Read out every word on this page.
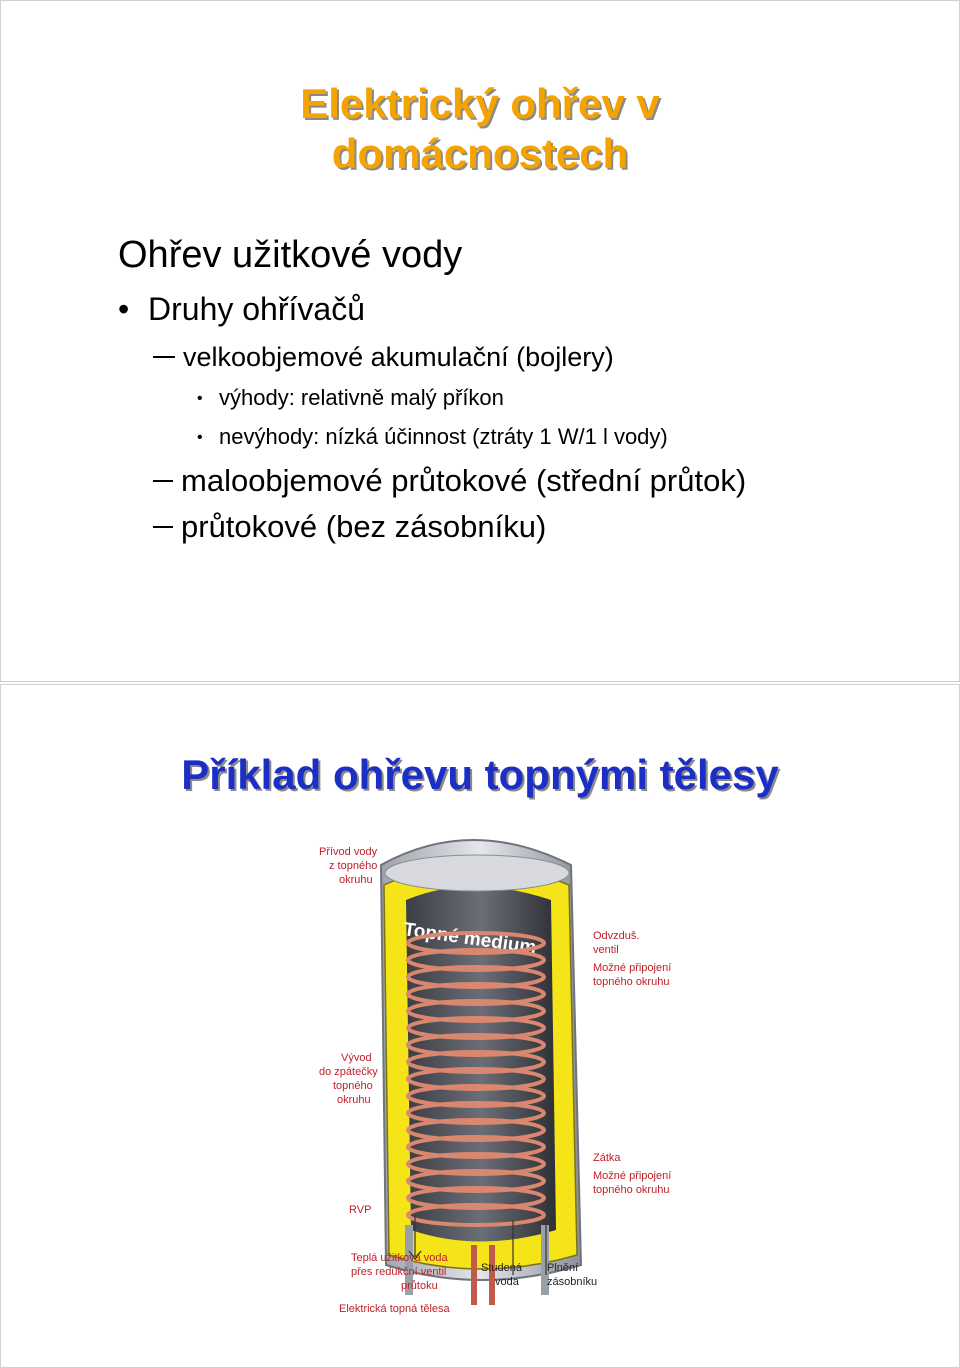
Elektrický ohřev v
domácnostech
Ohřev užitkové vody
• Druhy ohřívačů
velkoobjemové akumulační (bojlery)
• výhody: relativně malý příkon
• nevýhody: nízká účinnost (ztráty 1 W/1 l vody)
maloobjemové průtokové (střední průtok)
průtokové (bez zásobníku)
Příklad ohřevu topnými tělesy
Topné medium
Přívod vody
z topného
okruhu
Vývod
do zpátečky
topného
okruhu
RVP
Teplá užitková voda
přes redukční ventil
průtoku
Elektrická topná tělesa
Odvzduš.
ventil
Možné připojení
topného okruhu
Zátka
Možné připojení
topného okruhu
Studená
voda
Plnění
zásobníku
